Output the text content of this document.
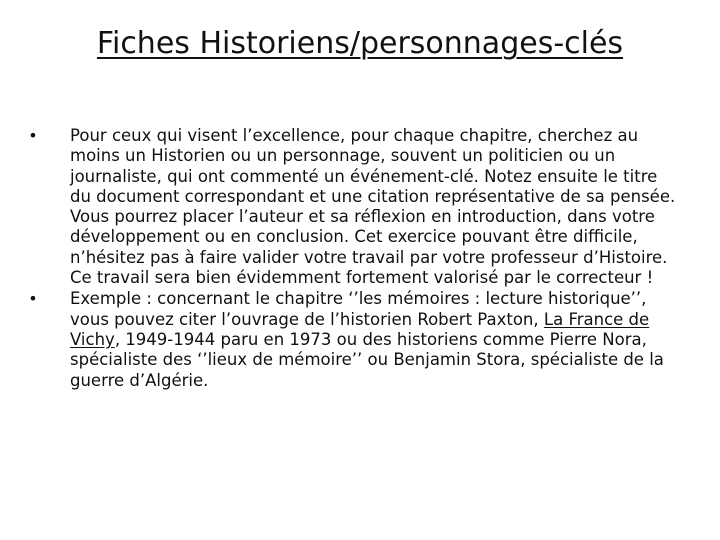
Fiches Historiens/personnages-clés
• Pour ceux qui visent l’excellence, pour chaque chapitre, cherchez au moins un Historien ou un personnage, souvent un politicien ou un journaliste, qui ont commenté un événement-clé. Notez ensuite le titre du document correspondant et une citation représentative de sa pensée. Vous pourrez placer l’auteur et sa réflexion en introduction, dans votre développement ou en conclusion. Cet exercice pouvant être difficile, n’hésitez pas à faire valider votre travail par votre professeur d’Histoire. Ce travail sera bien évidemment fortement valorisé par le correcteur !
• Exemple : concernant le chapitre ‘’les mémoires : lecture historique’’, vous pouvez citer l’ouvrage de l’historien Robert Paxton, La France de Vichy, 1949-1944 paru en 1973 ou des historiens comme Pierre Nora, spécialiste des ‘’lieux de mémoire’’ ou Benjamin Stora, spécialiste de la guerre d’Algérie.
